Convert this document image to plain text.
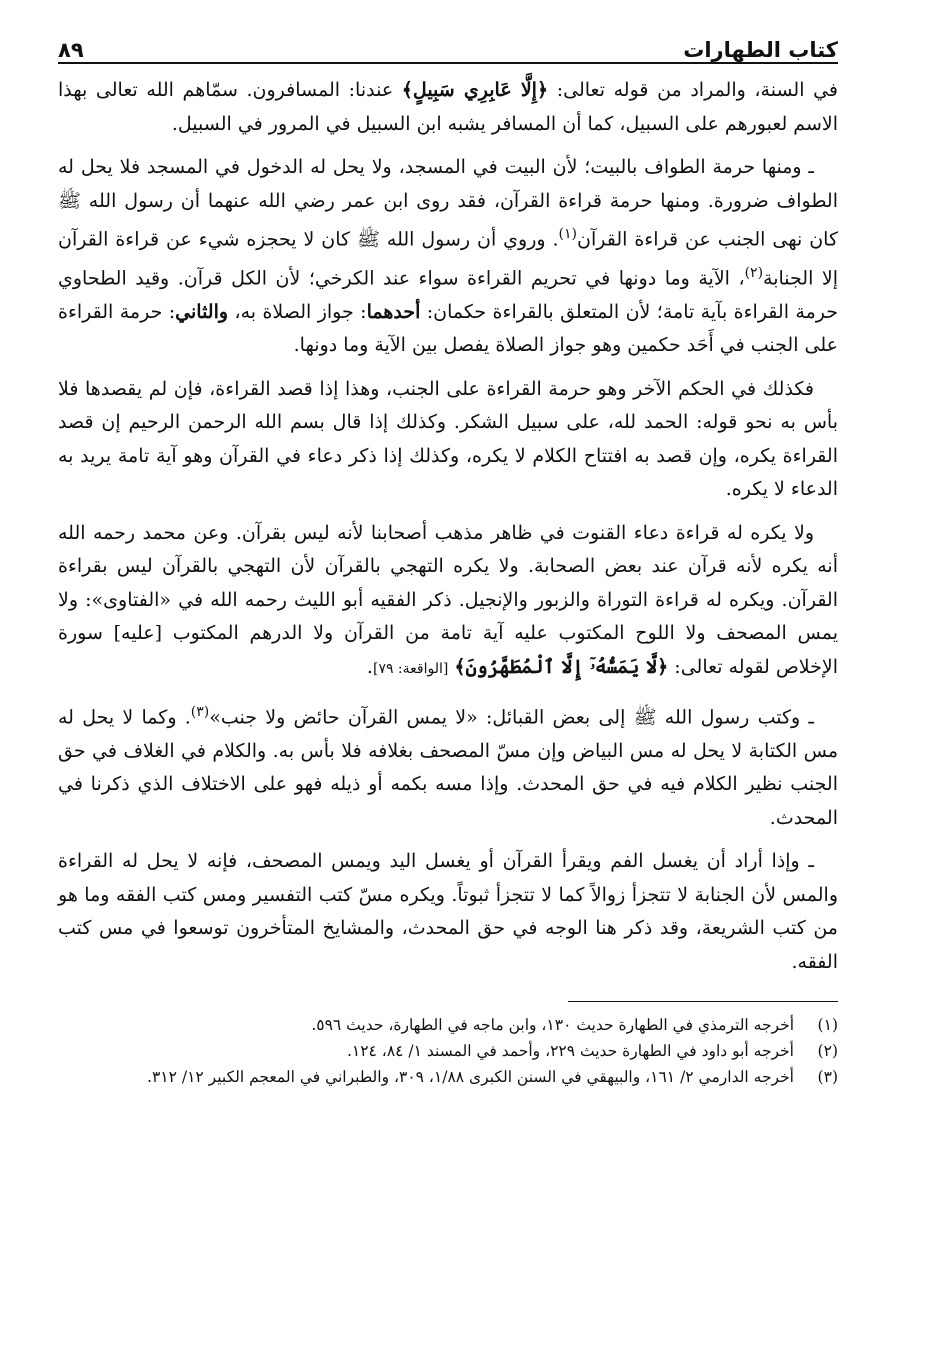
كتاب الطهارات
٨٩

في السنة، والمراد من قوله تعالى: ﴿إِلَّا عَابِرِي سَبِيلٍ﴾ عندنا: المسافرون. سمّاهم الله تعالى بهذا الاسم لعبورهم على السبيل، كما أن المسافر يشبه ابن السبيل في المرور في السبيل.

ـ ومنها حرمة الطواف بالبيت؛ لأن البيت في المسجد، ولا يحل له الدخول في المسجد فلا يحل له الطواف ضرورة. ومنها حرمة قراءة القرآن، فقد روى ابن عمر رضي الله عنهما أن رسول الله ﷺ كان نهى الجنب عن قراءة القرآن$^{(١)}$. وروي أن رسول الله ﷺ كان لا يحجزه شيء عن قراءة القرآن إلا الجنابة$^{(٢)}$، الآية وما دونها في تحريم القراءة سواء عند الكرخي؛ لأن الكل قرآن. وقيد الطحاوي حرمة القراءة بآية تامة؛ لأن المتعلق بالقراءة حكمان: أحدهما: جواز الصلاة به، والثاني: حرمة القراءة على الجنب في أَحَد حكمين وهو جواز الصلاة يفصل بين الآية وما دونها.

فكذلك في الحكم الآخر وهو حرمة القراءة على الجنب، وهذا إذا قصد القراءة، فإن لم يقصدها فلا بأس به نحو قوله: الحمد لله، على سبيل الشكر. وكذلك إذا قال بسم الله الرحمن الرحيم إن قصد القراءة يكره، وإن قصد به افتتاح الكلام لا يكره، وكذلك إذا ذكر دعاء في القرآن وهو آية تامة يريد به الدعاء لا يكره.

ولا يكره له قراءة دعاء القنوت في ظاهر مذهب أصحابنا لأنه ليس بقرآن. وعن محمد رحمه الله أنه يكره لأنه قرآن عند بعض الصحابة. ولا يكره التهجي بالقرآن لأن التهجي بالقرآن ليس بقراءة القرآن. ويكره له قراءة التوراة والزبور والإنجيل. ذكر الفقيه أبو الليث رحمه الله في «الفتاوى»: ولا يمس المصحف ولا اللوح المكتوب عليه آية تامة من القرآن ولا الدرهم المكتوب [عليه] سورة الإخلاص لقوله تعالى: ﴿لَّا يَمَسُّهُۥٓ إِلَّا ٱلْمُطَهَّرُونَ﴾ [الواقعة: ٧٩].

ـ وكتب رسول الله ﷺ إلى بعض القبائل: «لا يمس القرآن حائض ولا جنب»$^{(٣)}$. وكما لا يحل له مس الكتابة لا يحل له مس البياض وإن مسّ المصحف بغلافه فلا بأس به. والكلام في الغلاف في حق الجنب نظير الكلام فيه في حق المحدث. وإذا مسه بكمه أو ذيله فهو على الاختلاف الذي ذكرنا في المحدث.

ـ وإذا أراد أن يغسل الفم ويقرأ القرآن أو يغسل اليد ويمس المصحف، فإنه لا يحل له القراءة والمس لأن الجنابة لا تتجزأ زوالاً كما لا تتجزأ ثبوتاً. ويكره مسّ كتب التفسير ومس كتب الفقه وما هو من كتب الشريعة، وقد ذكر هنا الوجه في حق المحدث، والمشايخ المتأخرون توسعوا في مس كتب الفقه.

(١)
أخرجه الترمذي في الطهارة حديث ١٣٠، وابن ماجه في الطهارة، حديث ٥٩٦.
(٢)
أخرجه أبو داود في الطهارة حديث ٢٢٩، وأحمد في المسند ١/ ٨٤، ١٢٤.
(٣)
أخرجه الدارمي ٢/ ١٦١، والبيهقي في السنن الكبرى ١/٨٨، ٣٠٩، والطبراني في المعجم الكبير ١٢/ ٣١٢.
